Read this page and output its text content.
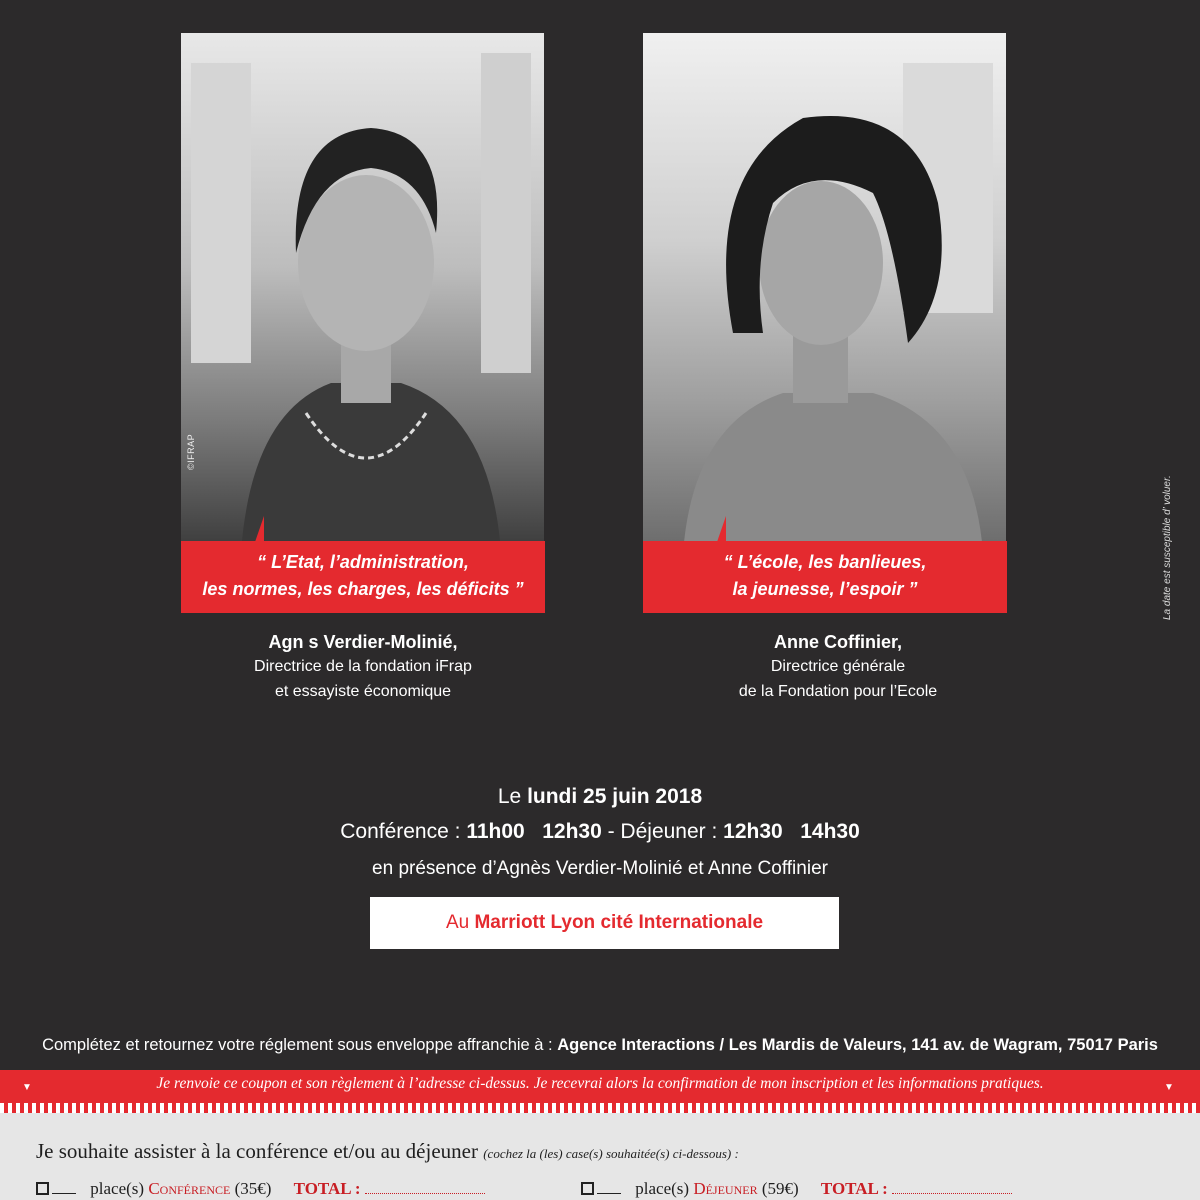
©IFRAP
“ L’Etat, l’administration,
les normes, les charges, les déficits ”
“ L’école, les banlieues,
la jeunesse, l’espoir ”
Agn s Verdier-Molinié,
Directrice de la fondation iFrap
et essayiste économique
Anne Coffinier,
Directrice générale
de la Fondation pour l’Ecole
La date est susceptible d’ voluer.
Le lundi 25 juin 2018
Conférence : 11h00 12h30 - Déjeuner : 12h30 14h30
en présence d’Agnès Verdier-Molinié et Anne Coffinier
Au Marriott Lyon cité Internationale
Complétez et retournez votre réglement sous enveloppe affranchie à : Agence Interactions / Les Mardis de Valeurs, 141 av. de Wagram, 75017 Paris
▼	▼
Je renvoie ce coupon et son règlement à l’adresse ci-dessus. Je recevrai alors la confirmation de mon inscription et les informations pratiques.
Je souhaite assister à la conférence et/ou au déjeuner (cochez la (les) case(s) souhaitée(s) ci-dessous) :
place(s) Conférence (35€) TOTAL :	place(s) Déjeuner (59€) TOTAL :
